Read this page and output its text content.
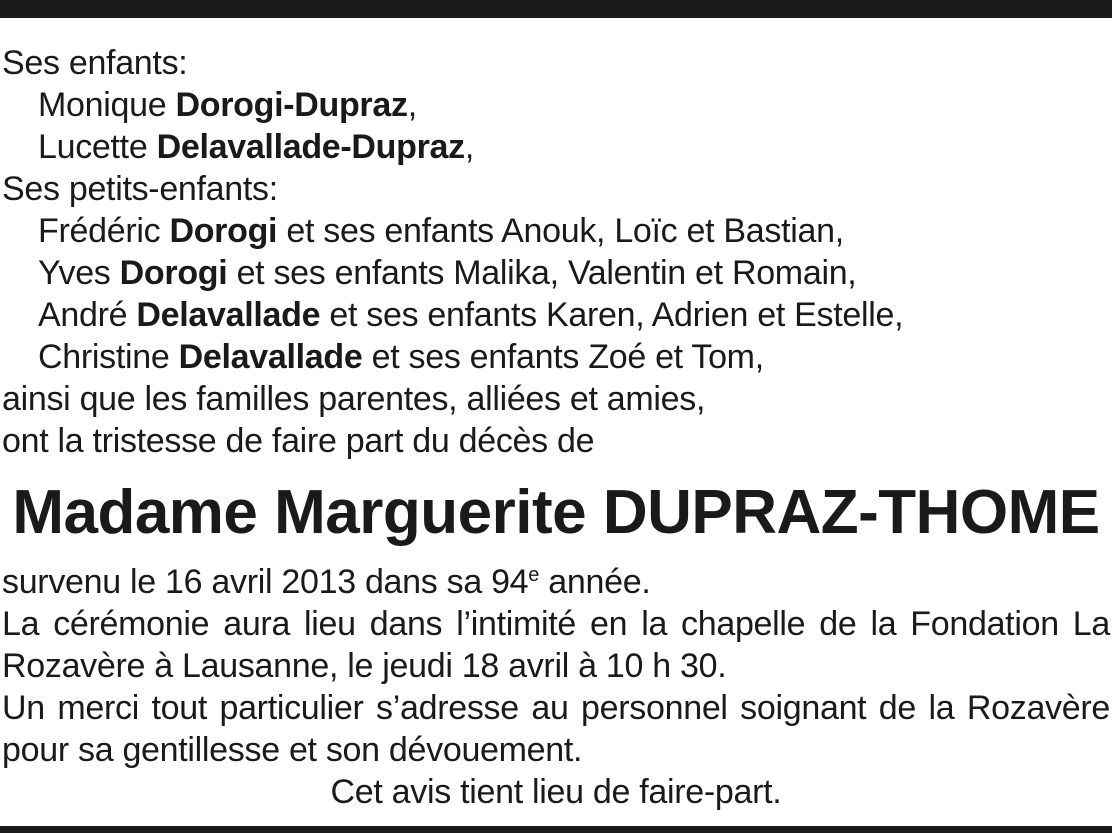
Ses enfants:
Monique Dorogi-Dupraz,
Lucette Delavallade-Dupraz,
Ses petits-enfants:
Frédéric Dorogi et ses enfants Anouk, Loïc et Bastian,
Yves Dorogi et ses enfants Malika, Valentin et Romain,
André Delavallade et ses enfants Karen, Adrien et Estelle,
Christine Delavallade et ses enfants Zoé et Tom,
ainsi que les familles parentes, alliées et amies,
ont la tristesse de faire part du décès de
Madame Marguerite DUPRAZ-THOME
survenu le 16 avril 2013 dans sa 94e année.
La cérémonie aura lieu dans l’intimité en la chapelle de la Fondation La Rozavère à Lausanne, le jeudi 18 avril à 10 h 30.
Un merci tout particulier s’adresse au personnel soignant de la Rozavère pour sa gentillesse et son dévouement.
Cet avis tient lieu de faire-part.
